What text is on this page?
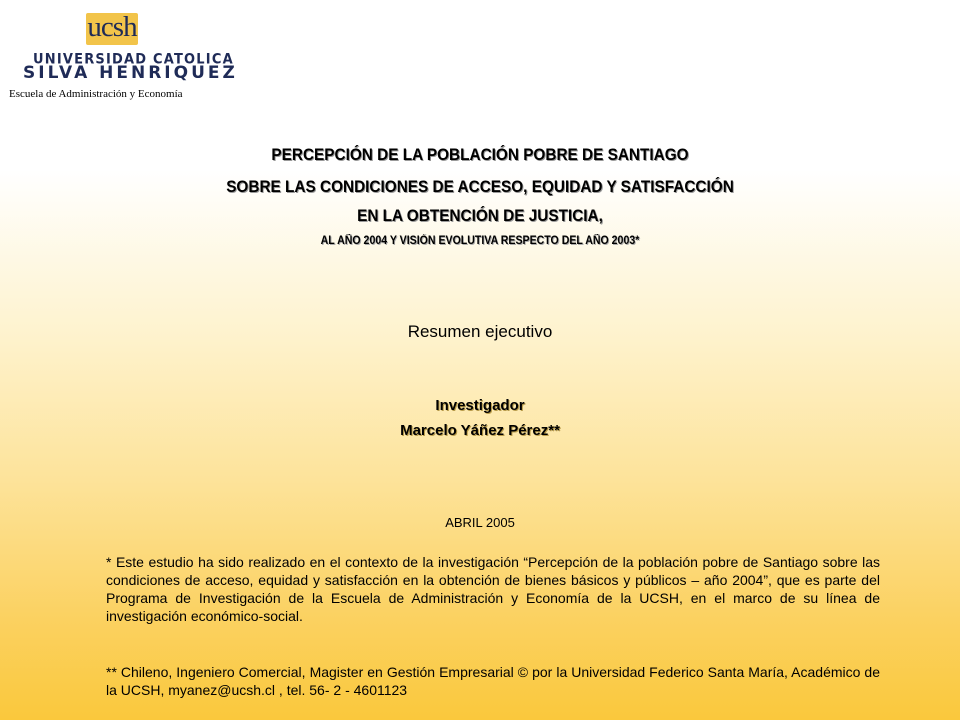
ucsh
UNIVERSIDAD CATOLICA
SILVA HENRIQUEZ
Escuela de Administración y Economía
PERCEPCIÓN DE LA POBLACIÓN POBRE DE SANTIAGO
SOBRE LAS CONDICIONES DE ACCESO, EQUIDAD Y SATISFACCIÓN
EN LA OBTENCIÓN DE JUSTICIA,
AL AÑO 2004 Y VISIÓN EVOLUTIVA RESPECTO DEL AÑO 2003*
Resumen ejecutivo
Investigador
Marcelo Yáñez Pérez**
ABRIL 2005
* Este estudio ha sido realizado en el contexto de la investigación “Percepción de la población pobre de Santiago sobre las condiciones de acceso, equidad y satisfacción en la obtención de bienes básicos y públicos – año 2004”, que es parte del Programa de Investigación de la Escuela de Administración y Economía de la UCSH, en el marco de su línea de investigación económico-social.
** Chileno, Ingeniero Comercial, Magister en Gestión Empresarial © por la Universidad Federico Santa María, Académico de la UCSH, myanez@ucsh.cl , tel. 56- 2 - 4601123
